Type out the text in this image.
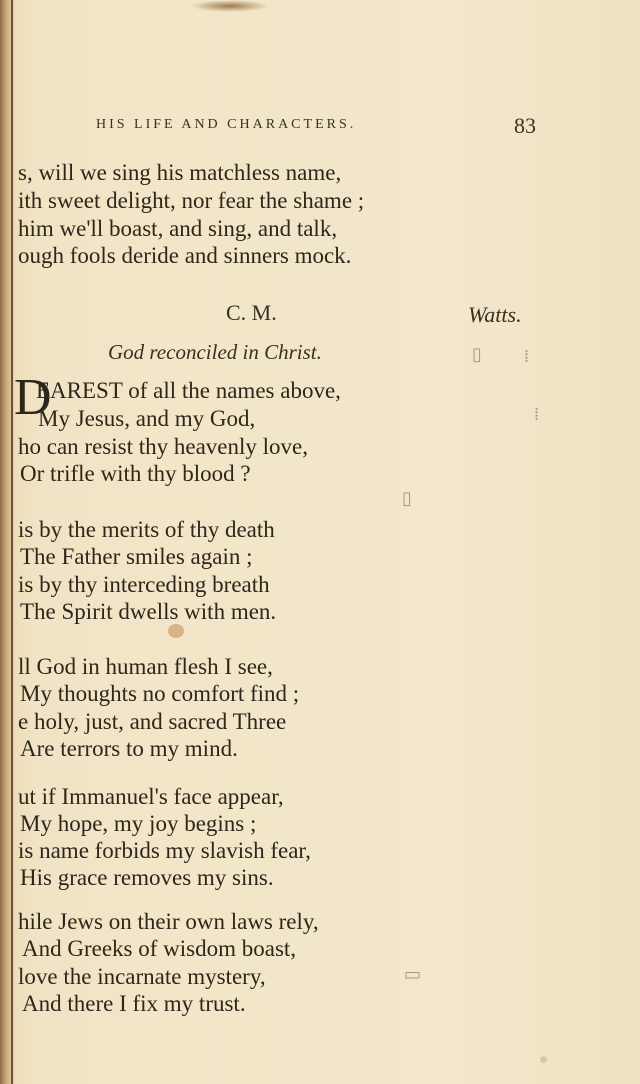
HIS LIFE AND CHARACTERS.	83
s, will we sing his matchless name,
ith sweet delight, nor fear the shame ;
him we'll boast, and sing, and talk,
ough fools deride and sinners mock.
C. M.	Watts.
God reconciled in Christ.
D
EAREST of all the names above,
My Jesus, and my God,
ho can resist thy heavenly love,
Or trifle with thy blood ?
is by the merits of thy death
The Father smiles again ;
is by thy interceding breath
The Spirit dwells with men.
ll God in human flesh I see,
My thoughts no comfort find ;
e holy, just, and sacred Three
Are terrors to my mind.
ut if Immanuel's face appear,
My hope, my joy begins ;
is name forbids my slavish fear,
His grace removes my sins.
hile Jews on their own laws rely,
And Greeks of wisdom boast,
love the incarnate mystery,
And there I fix my trust.
▯
⁞
▯
⁞
▭
